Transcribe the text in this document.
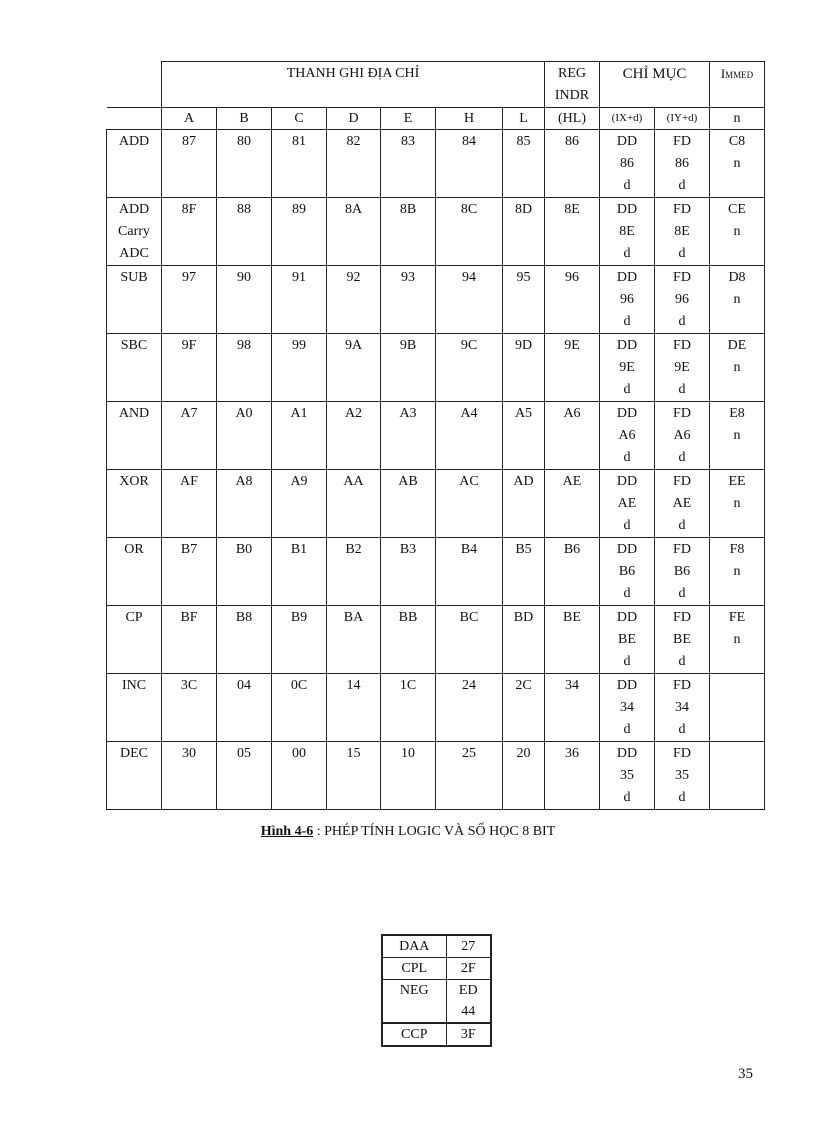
	THANH GHI ĐỊA CHỈ							REG
INDR	CHỈ MỤC		IMMED
	A	B	C	D	E	H	L	(HL)	(IX+d)	(IY+d)	n

ADD	87	80	81	82	83	84	85	86	DD
86
d	FD
86
d	C8
n

ADD
Carry
ADC	8F	88	89	8A	8B	8C	8D	8E	DD
8E
d	FD
8E
d	CE
n

SUB	97	90	91	92	93	94	95	96	DD
96
d	FD
96
d	D8
n

SBC	9F	98	99	9A	9B	9C	9D	9E	DD
9E
d	FD
9E
d	DE
n

AND	A7	A0	A1	A2	A3	A4	A5	A6	DD
A6
d	FD
A6
d	E8
n

XOR	AF	A8	A9	AA	AB	AC	AD	AE	DD
AE
d	FD
AE
d	EE
n

OR	B7	B0	B1	B2	B3	B4	B5	B6	DD
B6
d	FD
B6
d	F8
n

CP	BF	B8	B9	BA	BB	BC	BD	BE	DD
BE
d	FD
BE
d	FE
n

INC	3C	04	0C	14	1C	24	2C	34	DD
34
d	FD
34
d	

DEC	30	05	00	15	10	25	20	36	DD
35
d	FD
35
d	

Hình 4-6 : PHÉP TÍNH LOGIC VÀ SỐ HỌC 8 BIT
DAA	27

CPL	2F

NEG	ED
44

CCP	3F
35
